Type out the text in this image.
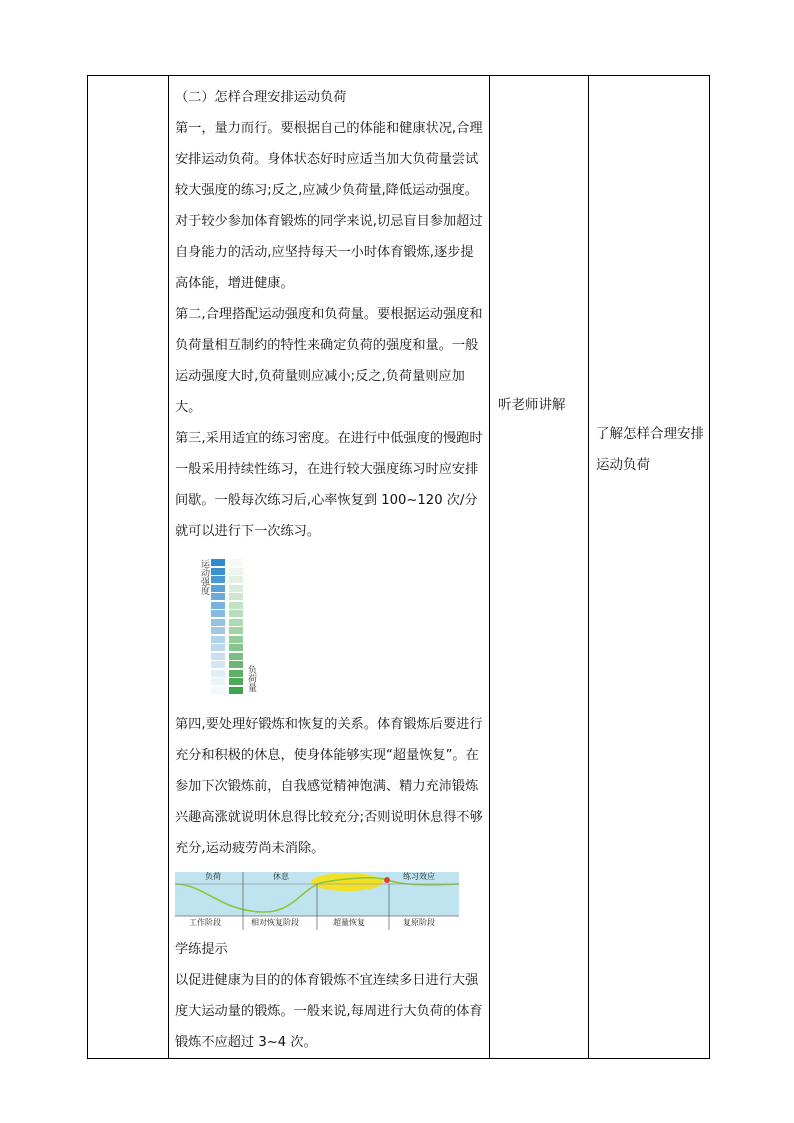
（二）怎样合理安排运动负荷

第一，量力而行。要根据自己的体能和健康状况,合理安排运动负荷。身体状态好时应适当加大负荷量尝试较大强度的练习;反之,应减少负荷量,降低运动强度。对于较少参加体育锻炼的同学来说,切忌盲目参加超过自身能力的活动,应坚持每天一小时体育锻炼,逐步提高体能，增进健康。

第二,合理搭配运动强度和负荷量。要根据运动强度和负荷量相互制约的特性来确定负荷的强度和量。一般运动强度大时,负荷量则应减小;反之,负荷量则应加大。

第三,采用适宜的练习密度。在进行中低强度的慢跑时一般采用持续性练习，在进行较大强度练习时应安排间歇。一般每次练习后,心率恢复到 100~120 次/分就可以进行下一次练习。

运动强度
负荷量

第四,要处理好锻炼和恢复的关系。体育锻炼后要进行充分和积极的休息，使身体能够实现“超量恢复”。在参加下次锻炼前，自我感觉精神饱满、精力充沛锻炼兴趣高涨就说明休息得比较充分;否则说明休息得不够充分,运动疲劳尚未消除。

负荷	休息	练习效应
工作阶段	相对恢复阶段	超量恢复	复原阶段

学练提示

以促进健康为目的的体育锻炼不宜连续多日进行大强度大运动量的锻炼。一般来说,每周进行大负荷的体育锻炼不应超过 3~4 次。

听老师讲解

了解怎样合理安排运动负荷
